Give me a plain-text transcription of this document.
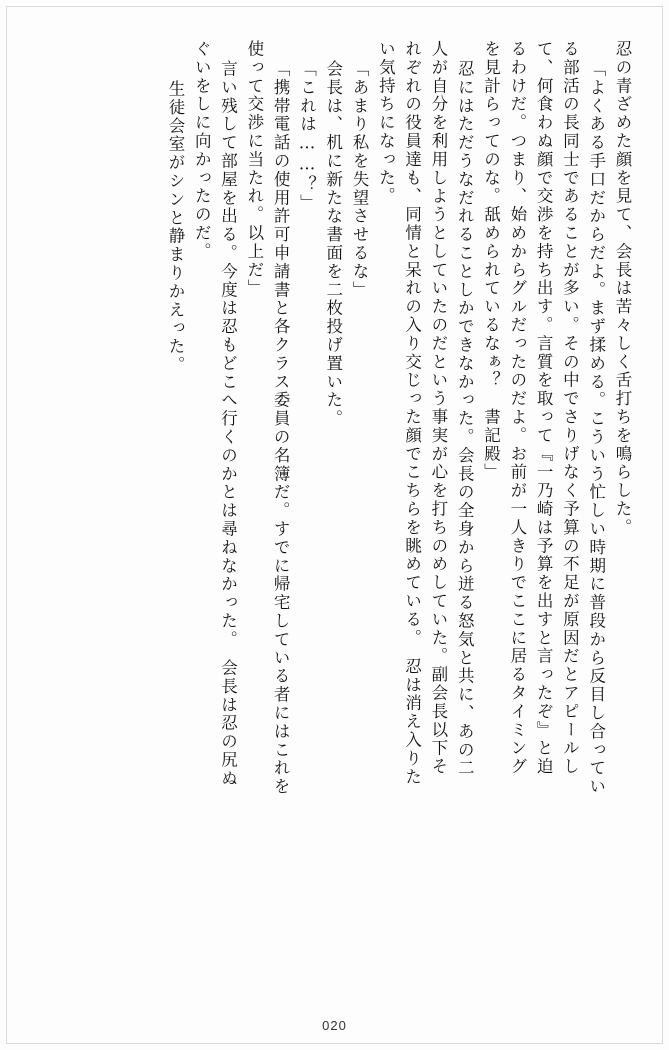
忍の青ざめた顔を見て、会長は苦々しく舌打ちを鳴らした。
「よくある手口だからだよ。まず揉める。こういう忙しい時期に普段から反目し合ってい
る部活の長同士であることが多い。その中でさりげなく予算の不足が原因だとアピールし
て、何食わぬ顔で交渉を持ち出す。言質を取って『一乃崎は予算を出すと言ったぞ』と迫
るわけだ。つまり、始めからグルだったのだよ。お前が一人きりでここに居るタイミング
を見計らってのな。舐められているなぁ？　書記殿」
忍にはただうなだれることしかできなかった。会長の全身から迸る怒気と共に、あの二
人が自分を利用しようとしていたのだという事実が心を打ちのめしていた。副会長以下そ
れぞれの役員達も、同情と呆れの入り交じった顔でこちらを眺めている。　忍は消え入りた
い気持ちになった。
「あまり私を失望させるな」
会長は、机に新たな書面を二枚投げ置いた。
「これは……？」
「携帯電話の使用許可申請書と各クラス委員の名簿だ。すでに帰宅している者にはこれを
使って交渉に当たれ。以上だ」
言い残して部屋を出る。今度は忍もどこへ行くのかとは尋ねなかった。　会長は忍の尻ぬ
ぐいをしに向かったのだ。
生徒会室がシンと静まりかえった。
020
